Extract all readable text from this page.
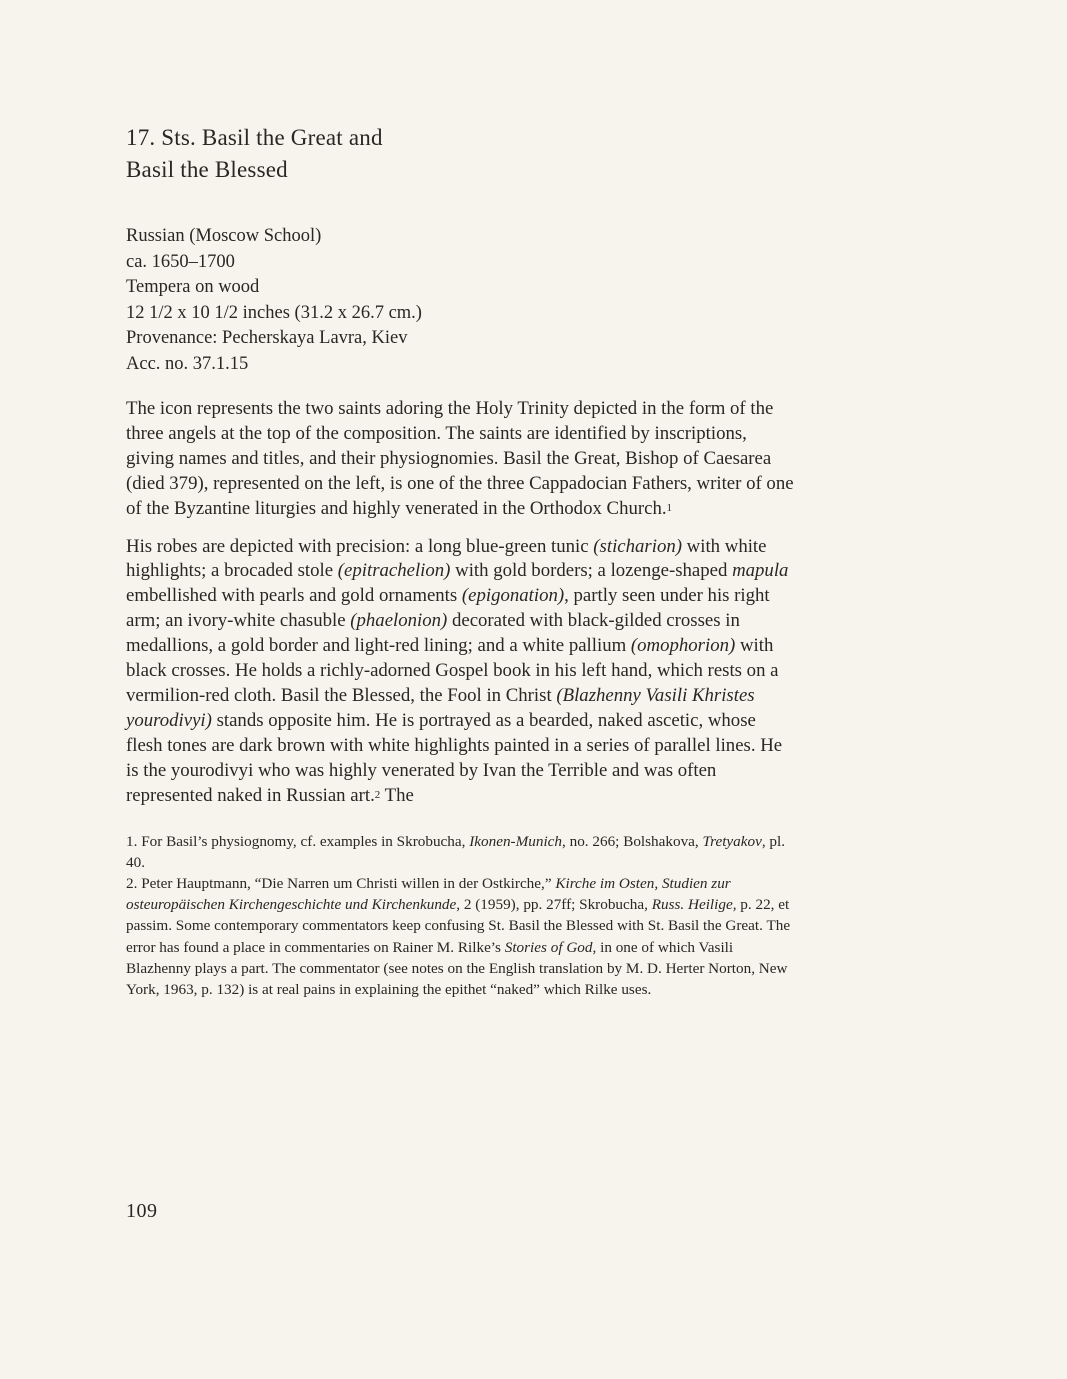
17. Sts. Basil the Great and
Basil the Blessed
Russian (Moscow School)
ca. 1650–1700
Tempera on wood
12 1/2 x 10 1/2 inches (31.2 x 26.7 cm.)
Provenance: Pecherskaya Lavra, Kiev
Acc. no. 37.1.15

The icon represents the two saints adoring the Holy Trinity depicted in the form of the three angels at the top of the composition. The saints are identified by inscriptions, giving names and titles, and their physiognomies. Basil the Great, Bishop of Caesarea (died 379), represented on the left, is one of the three Cappadocian Fathers, writer of one of the Byzantine liturgies and highly venerated in the Orthodox Church.$^1$

His robes are depicted with precision: a long blue-green tunic (sticharion) with white highlights; a brocaded stole (epitrachelion) with gold borders; a lozenge-shaped mapula embellished with pearls and gold ornaments (epigonation), partly seen under his right arm; an ivory-white chasuble (phaelonion) decorated with black-gilded crosses in medallions, a gold border and light-red lining; and a white pallium (omophorion) with black crosses. He holds a richly-adorned Gospel book in his left hand, which rests on a vermilion-red cloth. Basil the Blessed, the Fool in Christ (Blazhenny Vasili Khristes yourodivyi) stands opposite him. He is portrayed as a bearded, naked ascetic, whose flesh tones are dark brown with white highlights painted in a series of parallel lines. He is the yourodivyi who was highly venerated by Ivan the Terrible and was often represented naked in Russian art.$^2$ The

1. For Basil’s physiognomy, cf. examples in Skrobucha, Ikonen-Munich, no. 266; Bolshakova, Tretyakov, pl. 40.

2. Peter Hauptmann, “Die Narren um Christi willen in der Ostkirche,” Kirche im Osten, Studien zur osteuropäischen Kirchengeschichte und Kirchenkunde, 2 (1959), pp. 27ff; Skrobucha, Russ. Heilige, p. 22, et passim. Some contemporary commentators keep confusing St. Basil the Blessed with St. Basil the Great. The error has found a place in commentaries on Rainer M. Rilke’s Stories of God, in one of which Vasili Blazhenny plays a part. The commentator (see notes on the English translation by M. D. Herter Norton, New York, 1963, p. 132) is at real pains in explaining the epithet “naked” which Rilke uses.

109
